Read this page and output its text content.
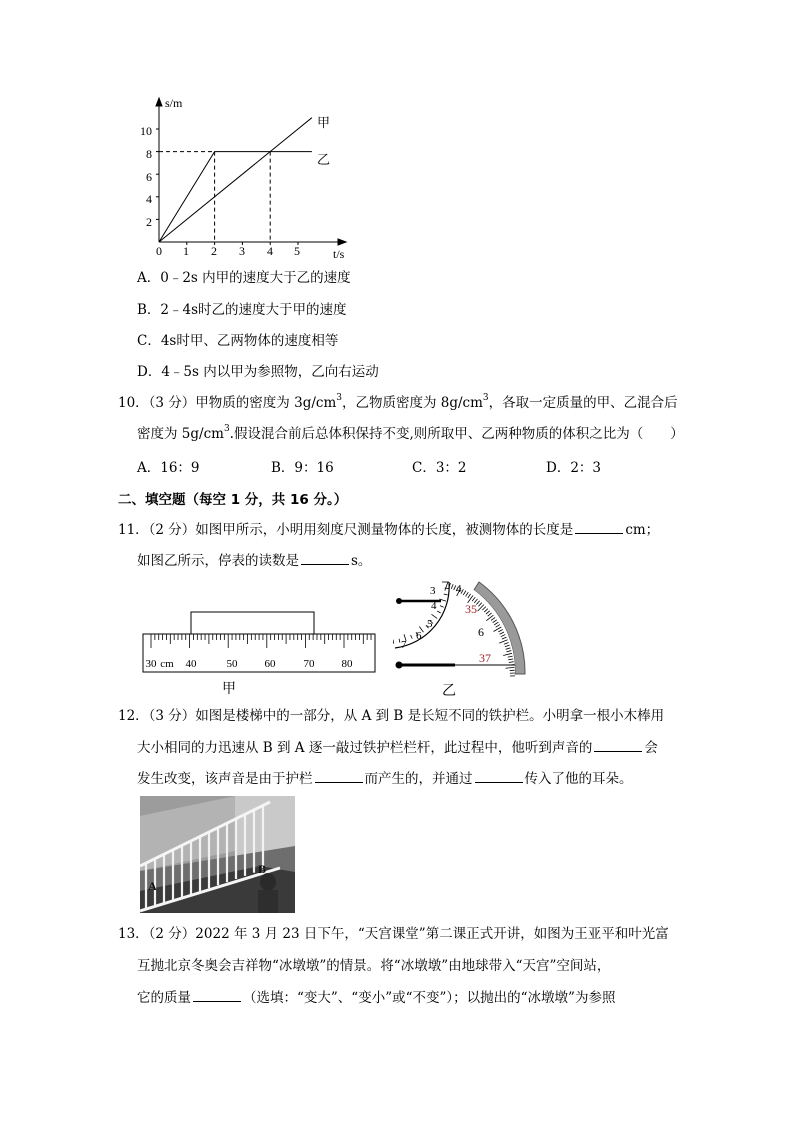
s/m
t/s
2
4
6
8
10
0 1 2 3 4 5
甲
乙
A．0﹣2s 内甲的速度大于乙的速度
B．2﹣4s时乙的速度大于甲的速度
C．4s时甲、乙两物体的速度相等
D．4﹣5s 内以甲为参照物，乙向右运动
10．（3 分）甲物质的密度为 $3g/cm^3$，乙物质密度为 $8g/cm^3$，各取一定质量的甲、乙混合后
密度为 $5g/cm^3$.假设混合前后总体积保持不变,则所取甲、乙两种物质的体积之比为（　　）
A．16：9	B．9：16	C．3：2	D．2：3
二、填空题（每空 1 分，共 16 分。）
11．（2 分）如图甲所示，小明用刻度尺测量物体的长度，被测物体的长度是	cm；
如图乙所示，停表的读数是	s。
30 cm 40	50 60	70 80
甲
3
4
5
6
7
4
35
6
37
乙
12．（3 分）如图是楼梯中的一部分，从 A 到 B 是长短不同的铁护栏。小明拿一根小木棒用
大小相同的力迅速从 B 到 A 逐一敲过铁护栏栏杆，此过程中，他听到声音的	会
发生改变，该声音是由于护栏	而产生的，并通过	传入了他的耳朵。
A
B
13．（2 分）2022 年 3 月 23 日下午，“天宫课堂”第二课正式开讲，如图为王亚平和叶光富
互抛北京冬奥会吉祥物“冰墩墩”的情景。将“冰墩墩”由地球带入“天宫”空间站，
它的质量	（选填：“变大”、“变小”或“不变”）；以抛出的“冰墩墩”为参照
